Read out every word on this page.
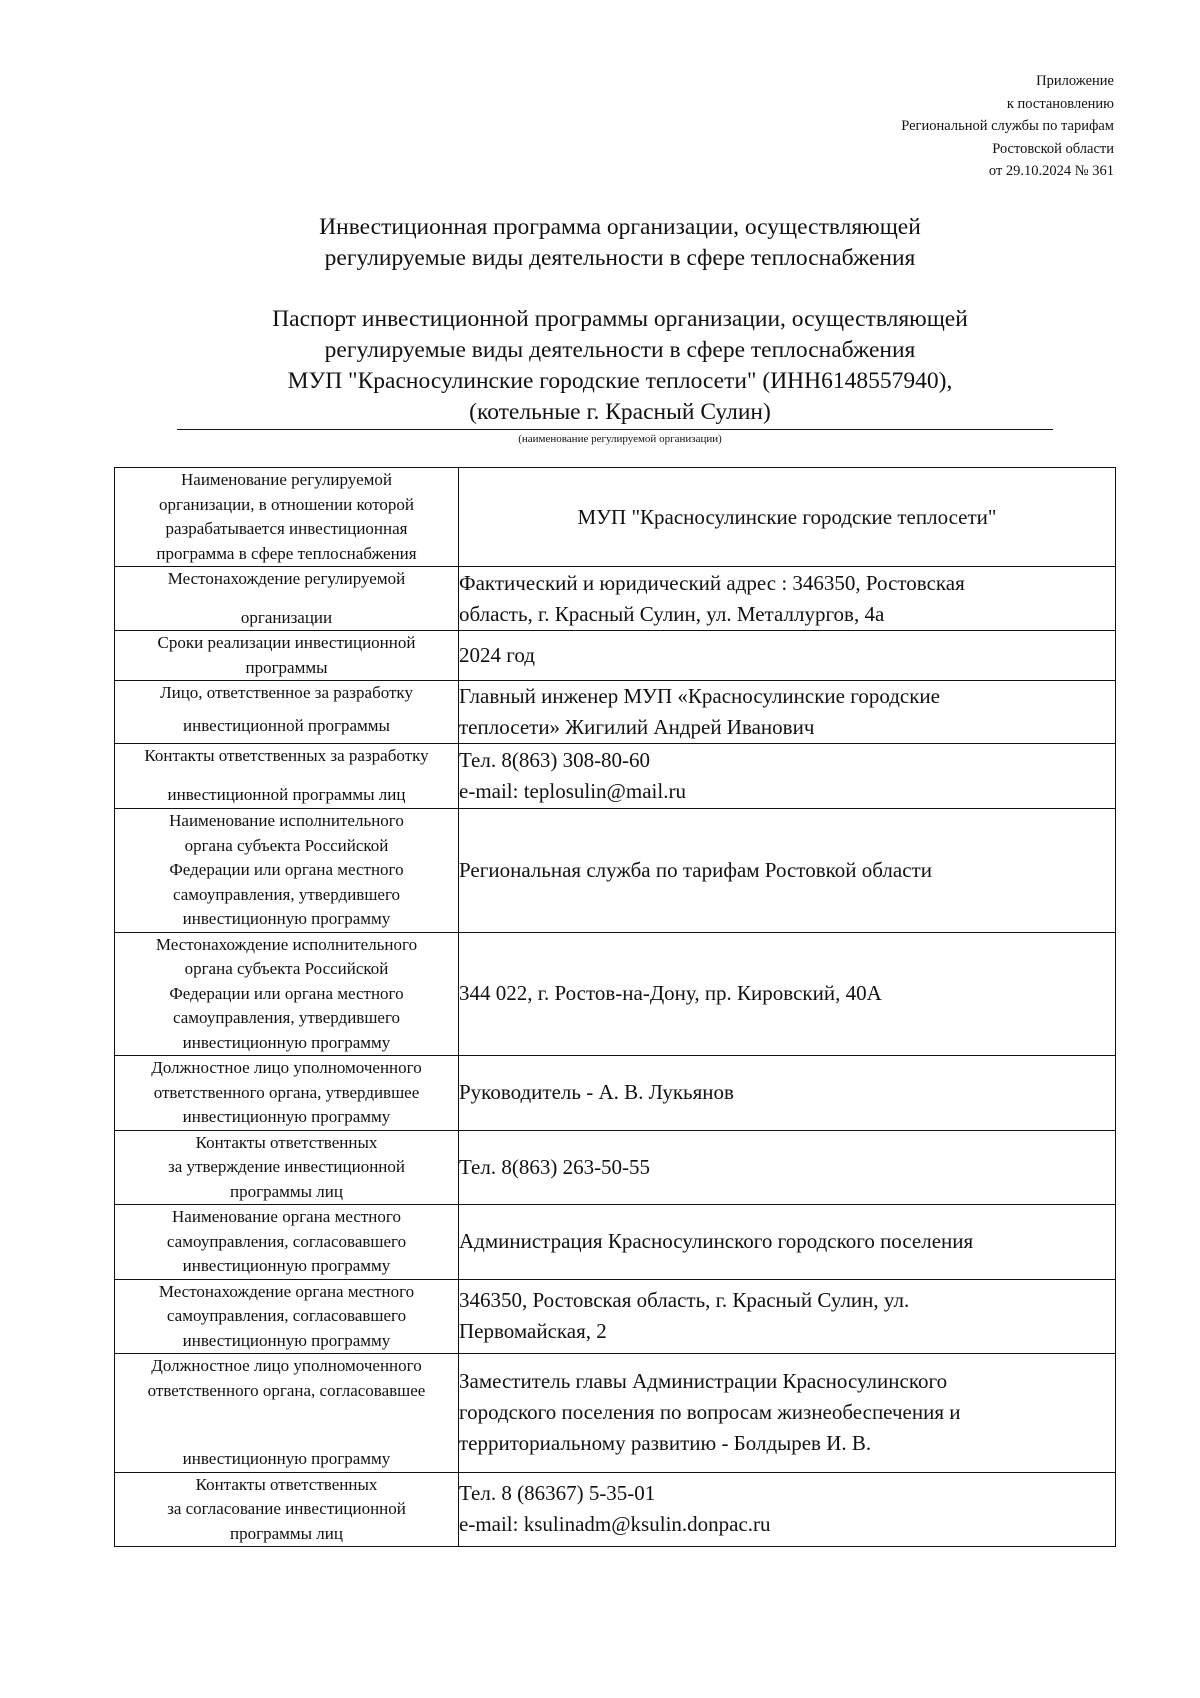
Приложение
к постановлению
Региональной службы по тарифам
Ростовской области
от 29.10.2024 № 361
Инвестиционная программа организации, осуществляющей
регулируемые виды деятельности в сфере теплоснабжения
Паспорт инвестиционной программы организации, осуществляющей
регулируемые виды деятельности в сфере теплоснабжения
МУП "Красносулинские городские теплосети" (ИНН6148557940),
(котельные г. Красный Сулин)
(наименование регулируемой организации)
Наименование регулируемой
организации, в отношении которой
разрабатывается инвестиционная
программа в сфере теплоснабжения	МУП "Красносулинские городские теплосети"

Местонахождение регулируемой
организации	Фактический и юридический адрес : 346350, Ростовская
область, г. Красный Сулин, ул. Металлургов, 4а

Сроки реализации инвестиционной
программы	2024 год

Лицо, ответственное за разработку
инвестиционной программы	Главный инженер МУП «Красносулинские городские
теплосети» Жигилий Андрей Иванович

Контакты ответственных за разработку
инвестиционной программы лиц	Тел. 8(863) 308-80-60
e-mail: teplosulin@mail.ru

Наименование исполнительного
органа субъекта Российской
Федерации или органа местного
самоуправления, утвердившего
инвестиционную программу	Региональная служба по тарифам Ростовкой области

Местонахождение исполнительного
органа субъекта Российской
Федерации или органа местного
самоуправления, утвердившего
инвестиционную программу	344 022, г. Ростов-на-Дону, пр. Кировский, 40А

Должностное лицо уполномоченного
ответственного органа, утвердившее
инвестиционную программу	Руководитель - А. В. Лукьянов

Контакты ответственных
за утверждение инвестиционной
программы лиц	Тел. 8(863) 263-50-55

Наименование органа местного
самоуправления, согласовавшего
инвестиционную программу	Администрация Красносулинского городского поселения

Местонахождение органа местного
самоуправления, согласовавшего
инвестиционную программу	346350, Ростовская область, г. Красный Сулин, ул.
Первомайская, 2

Должностное лицо уполномоченного
ответственного органа, согласовавшее
инвестиционную программу	Заместитель главы Администрации Красносулинского
городского поселения по вопросам жизнеобеспечения и
территориальному развитию - Болдырев И. В.

Контакты ответственных
за согласование инвестиционной
программы лиц	Тел. 8 (86367) 5-35-01
e-mail: ksulinadm@ksulin.donpac.ru
